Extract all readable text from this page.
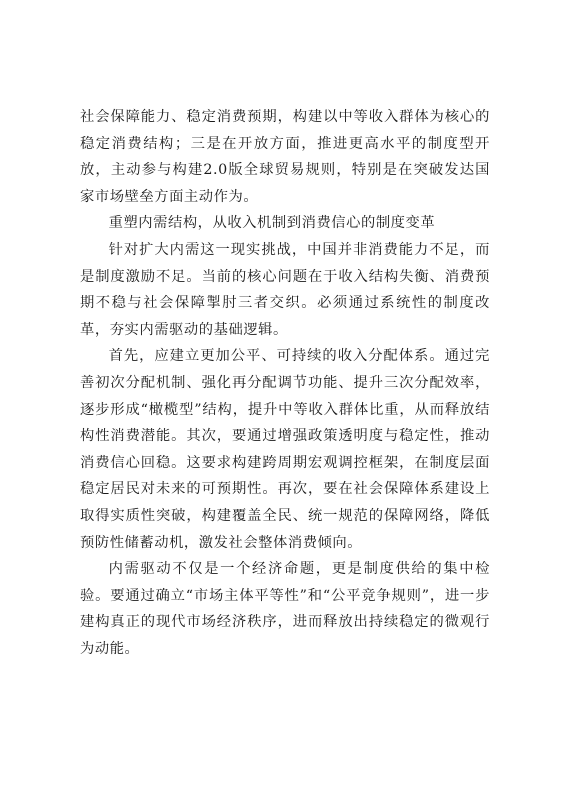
社会保障能力、稳定消费预期，构建以中等收入群体为核心的稳定消费结构；三是在开放方面，推进更高水平的制度型开放，主动参与构建2.0版全球贸易规则，特别是在突破发达国家市场壁垒方面主动作为。

重塑内需结构，从收入机制到消费信心的制度变革

针对扩大内需这一现实挑战，中国并非消费能力不足，而是制度激励不足。当前的核心问题在于收入结构失衡、消费预期不稳与社会保障掣肘三者交织。必须通过系统性的制度改革，夯实内需驱动的基础逻辑。

首先，应建立更加公平、可持续的收入分配体系。通过完善初次分配机制、强化再分配调节功能、提升三次分配效率，逐步形成“橄榄型”结构，提升中等收入群体比重，从而释放结构性消费潜能。其次，要通过增强政策透明度与稳定性，推动消费信心回稳。这要求构建跨周期宏观调控框架，在制度层面稳定居民对未来的可预期性。再次，要在社会保障体系建设上取得实质性突破，构建覆盖全民、统一规范的保障网络，降低预防性储蓄动机，激发社会整体消费倾向。

内需驱动不仅是一个经济命题，更是制度供给的集中检验。要通过确立“市场主体平等性”和“公平竞争规则”，进一步建构真正的现代市场经济秩序，进而释放出持续稳定的微观行为动能。
